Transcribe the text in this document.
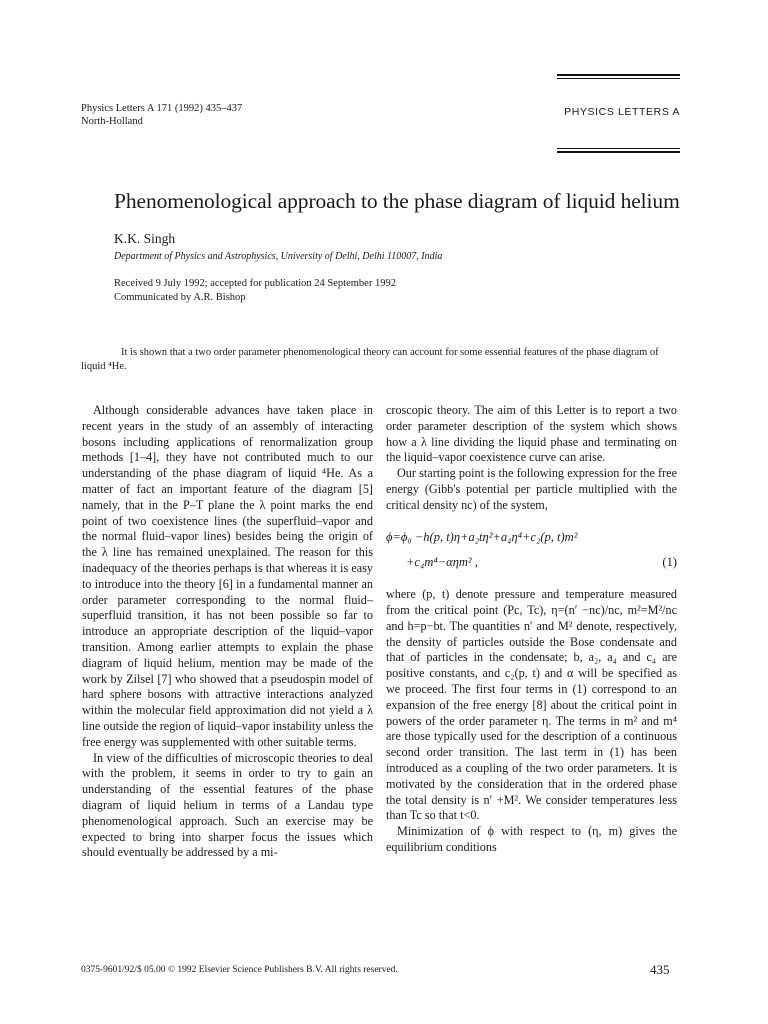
Physics Letters A 171 (1992) 435–437
North-Holland
PHYSICS LETTERS A
Phenomenological approach to the phase diagram of liquid helium
K.K. Singh
Department of Physics and Astrophysics, University of Delhi, Delhi 110007, India
Received 9 July 1992; accepted for publication 24 September 1992
Communicated by A.R. Bishop
It is shown that a two order parameter phenomenological theory can account for some essential features of the phase diagram of liquid ⁴He.

Although considerable advances have taken place in recent years in the study of an assembly of interacting bosons including applications of renormalization group methods [1–4], they have not contributed much to our understanding of the phase diagram of liquid ⁴He. As a matter of fact an important feature of the diagram [5] namely, that in the P–T plane the λ point marks the end point of two coexistence lines (the superfluid–vapor and the normal fluid–vapor lines) besides being the origin of the λ line has remained unexplained. The reason for this inadequacy of the theories perhaps is that whereas it is easy to introduce into the theory [6] in a fundamental manner an order parameter corresponding to the normal fluid–superfluid transition, it has not been possible so far to introduce an appropriate description of the liquid–vapor transition. Among earlier attempts to explain the phase diagram of liquid helium, mention may be made of the work by Zilsel [7] who showed that a pseudospin model of hard sphere bosons with attractive interactions analyzed within the molecular field approximation did not yield a λ line outside the region of liquid–vapor instability unless the free energy was supplemented with other suitable terms.

In view of the difficulties of microscopic theories to deal with the problem, it seems in order to try to gain an understanding of the essential features of the phase diagram of liquid helium in terms of a Landau type phenomenological approach. Such an exercise may be expected to bring into sharper focus the issues which should eventually be addressed by a mi-

croscopic theory. The aim of this Letter is to report a two order parameter description of the system which shows how a λ line dividing the liquid phase and terminating on the liquid–vapor coexistence curve can arise.

Our starting point is the following expression for the free energy (Gibb's potential per particle multiplied with the critical density nc) of the system,

ϕ=ϕ₀ −h(p, t)η+a₂tη²+a₄η⁴+c₂(p, t)m²
+c₄m⁴−αηm² ,	(1)

where (p, t) denote pressure and temperature measured from the critical point (Pc, Tc), η=(n′ −nc)/nc, m²=M²/nc and h=p−bt. The quantities n′ and M² denote, respectively, the density of particles outside the Bose condensate and that of particles in the condensate; b, a₂, a₄ and c₄ are positive constants, and c₂(p, t) and α will be specified as we proceed. The first four terms in (1) correspond to an expansion of the free energy [8] about the critical point in powers of the order parameter η. The terms in m² and m⁴ are those typically used for the description of a continuous second order transition. The last term in (1) has been introduced as a coupling of the two order parameters. It is motivated by the consideration that in the ordered phase the total density is n′ +M². We consider temperatures less than Tc so that t<0.

Minimization of ϕ with respect to (η, m) gives the equilibrium conditions

0375-9601/92/$ 05.00 © 1992 Elsevier Science Publishers B.V. All rights reserved.	435
